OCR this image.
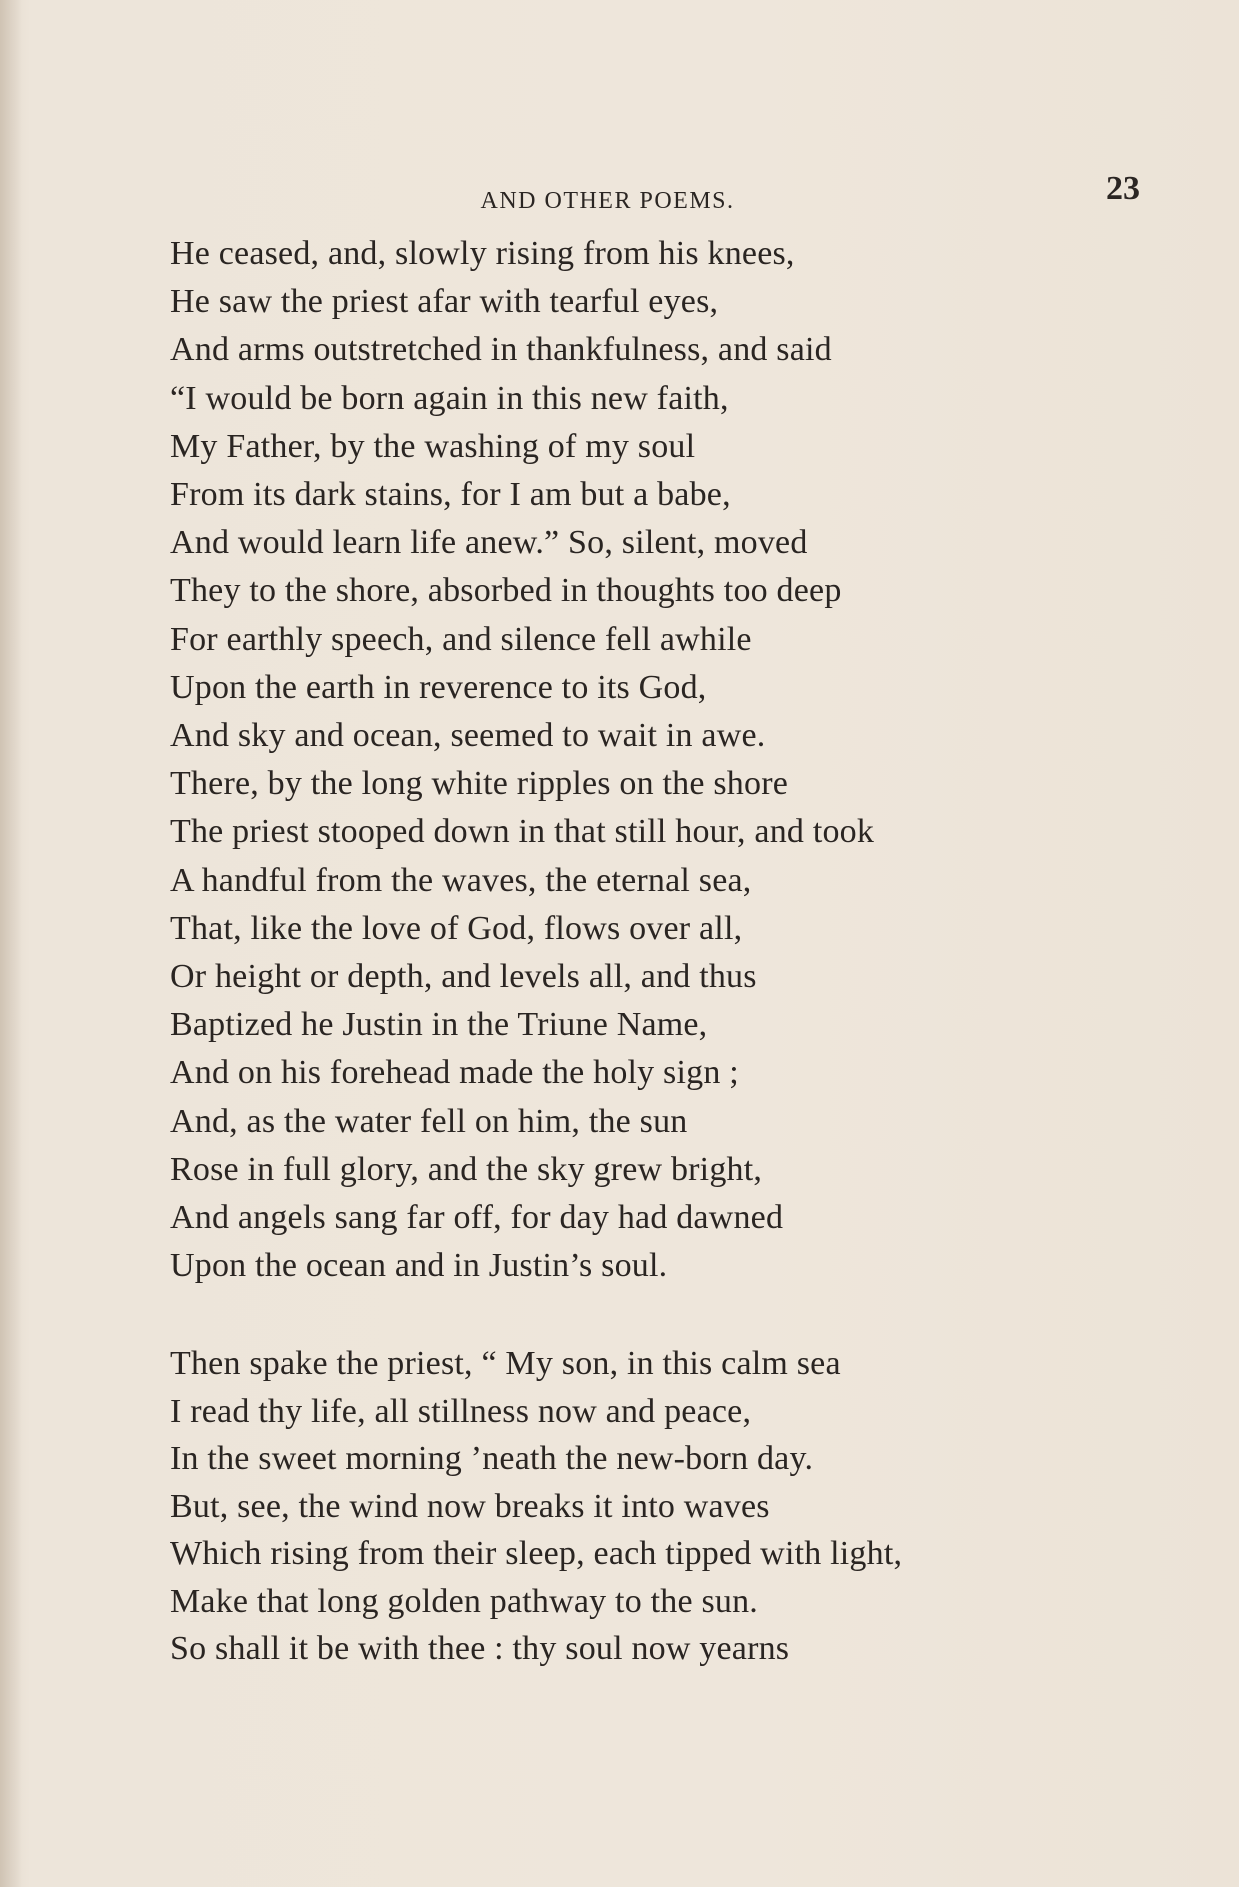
AND OTHER POEMS.	23
He ceased, and, slowly rising from his knees,
He saw the priest afar with tearful eyes,
And arms outstretched in thankfulness, and said
“I would be born again in this new faith,
My Father, by the washing of my soul
From its dark stains, for I am but a babe,
And would learn life anew.” So, silent, moved
They to the shore, absorbed in thoughts too deep
For earthly speech, and silence fell awhile
Upon the earth in reverence to its God,
And sky and ocean, seemed to wait in awe.
There, by the long white ripples on the shore
The priest stooped down in that still hour, and took
A handful from the waves, the eternal sea,
That, like the love of God, flows over all,
Or height or depth, and levels all, and thus
Baptized he Justin in the Triune Name,
And on his forehead made the holy sign ;
And, as the water fell on him, the sun
Rose in full glory, and the sky grew bright,
And angels sang far off, for day had dawned
Upon the ocean and in Justin’s soul.
Then spake the priest, “ My son, in this calm sea
I read thy life, all stillness now and peace,
In the sweet morning ’neath the new-born day.
But, see, the wind now breaks it into waves
Which rising from their sleep, each tipped with light,
Make that long golden pathway to the sun.
So shall it be with thee : thy soul now yearns
